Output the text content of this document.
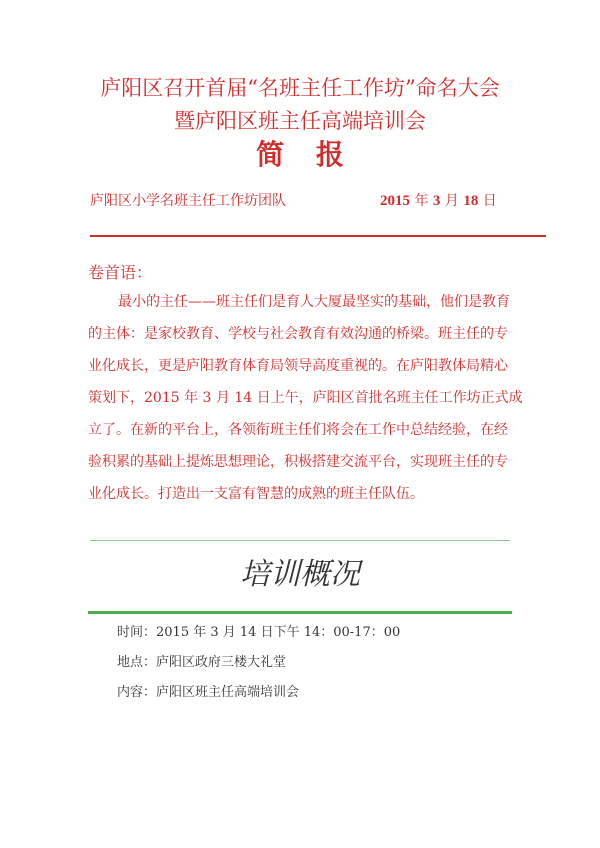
庐阳区召开首届“名班主任工作坊”命名大会
暨庐阳区班主任高端培训会
简 报
庐阳区小学名班主任工作坊团队	2015 年 3 月 18 日
卷首语：
最小的主任——班主任们是育人大厦最坚实的基础，他们是教育
的主体：是家校教育、学校与社会教育有效沟通的桥梁。班主任的专
业化成长，更是庐阳教育体育局领导高度重视的。在庐阳教体局精心
策划下，2015 年 3 月 14 日上午，庐阳区首批名班主任工作坊正式成
立了。在新的平台上，各领衔班主任们将会在工作中总结经验，在经
验积累的基础上提炼思想理论，积极搭建交流平台，实现班主任的专
业化成长。打造出一支富有智慧的成熟的班主任队伍。
培训概况
时间：2015 年 3 月 14 日下午 14：00-17：00
地点：庐阳区政府三楼大礼堂
内容：庐阳区班主任高端培训会
